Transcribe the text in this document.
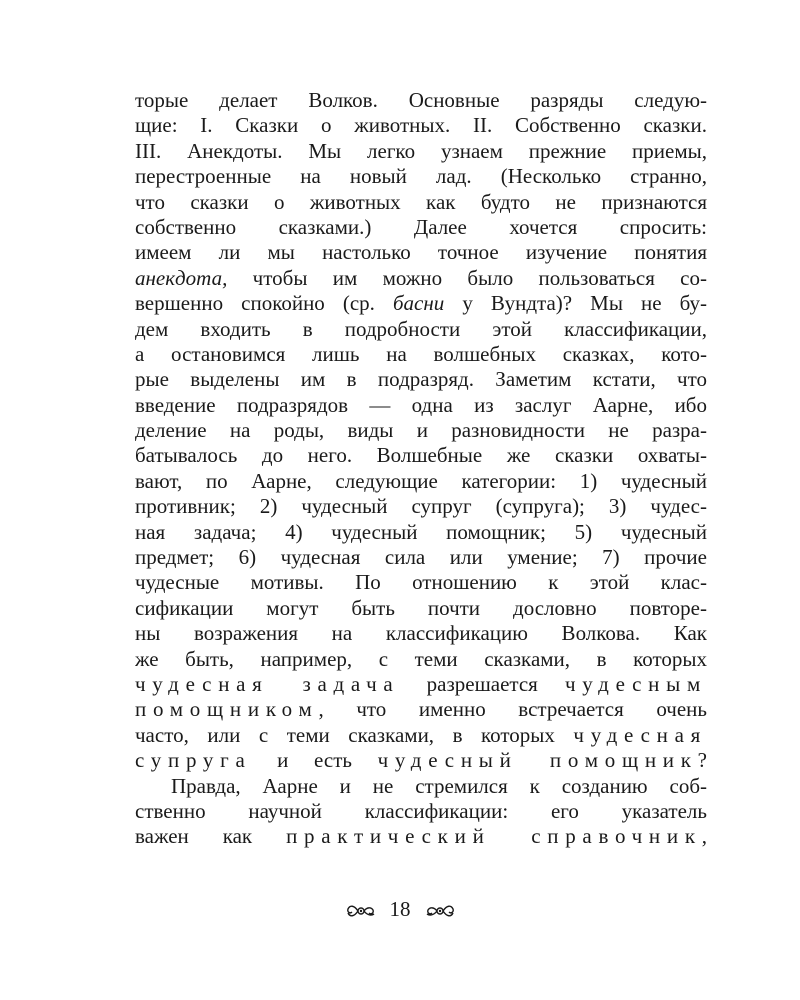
торые делает Волков. Основные разряды следую-
щие: I. Сказки о животных. II. Собственно сказки.
III. Анекдоты. Мы легко узнаем прежние приемы,
перестроенные на новый лад. (Несколько странно,
что сказки о животных как будто не признаются
собственно сказками.) Далее хочется спросить:
имеем ли мы настолько точное изучение понятия
анекдота, чтобы им можно было пользоваться со-
вершенно спокойно (ср. басни у Вундта)? Мы не бу-
дем входить в подробности этой классификации,
а остановимся лишь на волшебных сказках, кото-
рые выделены им в подразряд. Заметим кстати, что
введение подразрядов — одна из заслуг Аарне, ибо
деление на роды, виды и разновидности не разра-
батывалось до него. Волшебные же сказки охваты-
вают, по Аарне, следующие категории: 1) чудесный
противник; 2) чудесный супруг (супруга); 3) чудес-
ная задача; 4) чудесный помощник; 5) чудесный
предмет; 6) чудесная сила или умение; 7) прочие
чудесные мотивы. По отношению к этой клас-
сификации могут быть почти дословно повторе-
ны возражения на классификацию Волкова. Как
же быть, например, с теми сказками, в которых
чудесная задача разрешается чудесным
помощником, что именно встречается очень
часто, или с теми сказками, в которых чудесная
супруга и есть чудесный помощник?
Правда, Аарне и не стремился к созданию соб-
ственно научной классификации: его указатель
важен как практический справочник,
18
